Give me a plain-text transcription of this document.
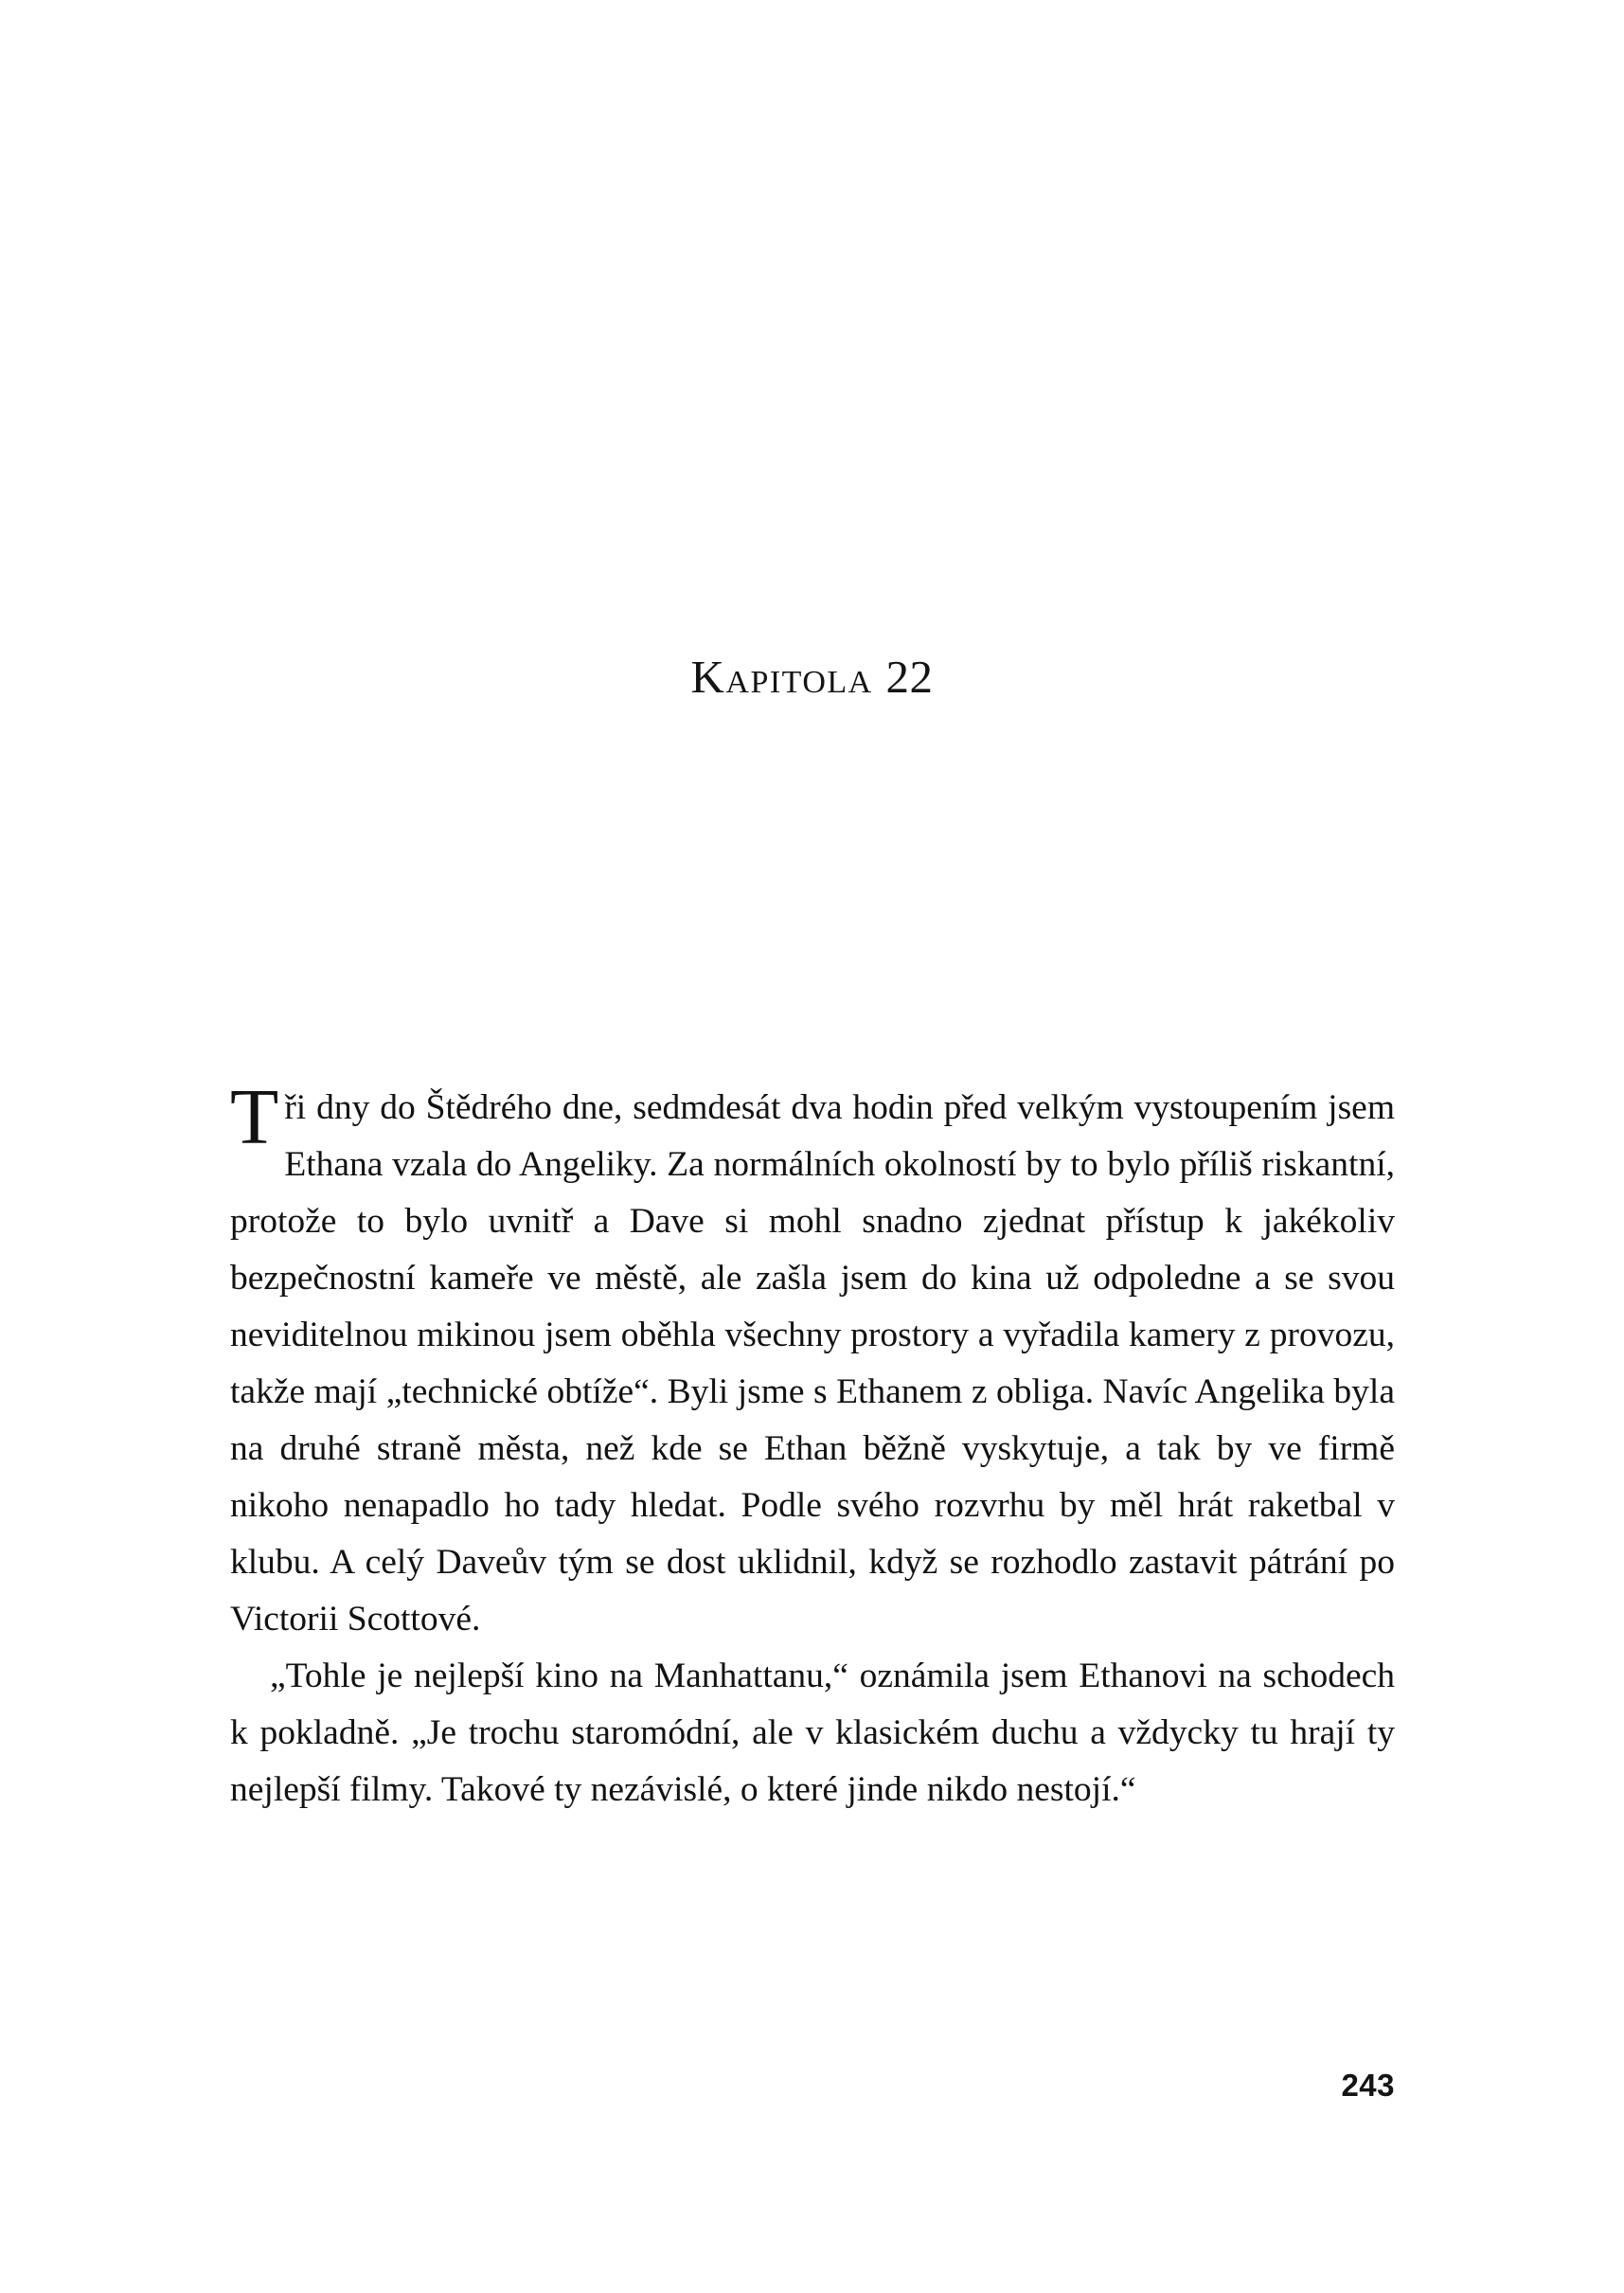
Kapitola 22

Tři dny do Štědrého dne, sedmdesát dva hodin před velkým vystoupením jsem Ethana vzala do Angeliky. Za normálních okolností by to bylo příliš riskantní, protože to bylo uvnitř a Dave si mohl snadno zjednat přístup k jakékoliv bezpečnostní kameře ve městě, ale zašla jsem do kina už odpoledne a se svou neviditelnou mikinou jsem oběhla všechny prostory a vyřadila kamery z provozu, takže mají „technické obtíže“. Byli jsme s Ethanem z obliga. Navíc Angelika byla na druhé straně města, než kde se Ethan běžně vyskytuje, a tak by ve firmě nikoho nenapadlo ho tady hledat. Podle svého rozvrhu by měl hrát raketbal v klubu. A celý Daveův tým se dost uklidnil, když se rozhodlo zastavit pátrání po Victorii Scottové.

„Tohle je nejlepší kino na Manhattanu,“ oznámila jsem Ethanovi na schodech k pokladně. „Je trochu staromódní, ale v klasickém duchu a vždycky tu hrají ty nejlepší filmy. Takové ty nezávislé, o které jinde nikdo nestojí.“

243
